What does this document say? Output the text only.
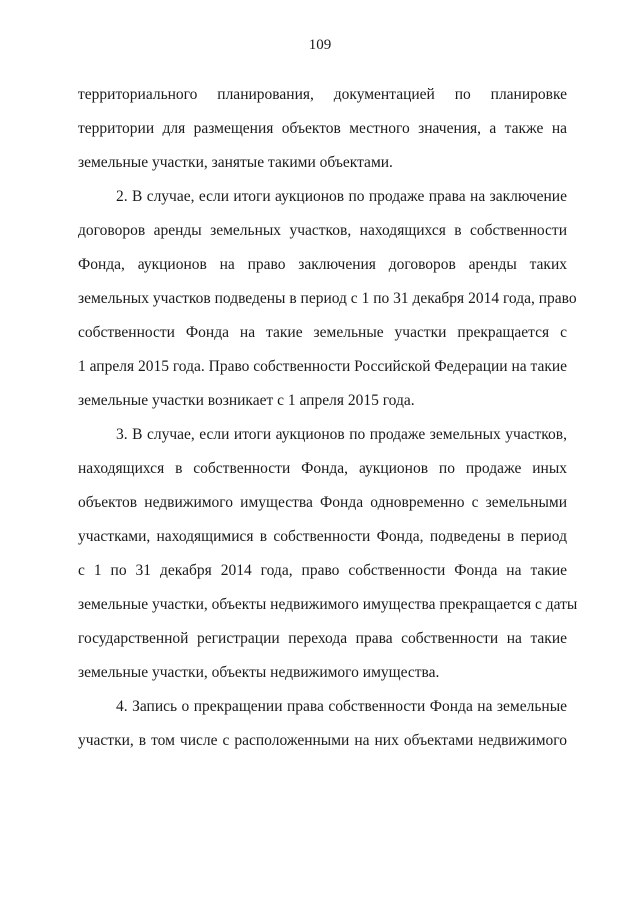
109
территориального планирования, документацией по планировке
территории для размещения объектов местного значения, а также на
земельные участки, занятые такими объектами.
2. В случае, если итоги аукционов по продаже права на заключение
договоров аренды земельных участков, находящихся в собственности
Фонда, аукционов на право заключения договоров аренды таких
земельных участков подведены в период с 1 по 31 декабря 2014 года, право
собственности Фонда на такие земельные участки прекращается с
1 апреля 2015 года. Право собственности Российской Федерации на такие
земельные участки возникает с 1 апреля 2015 года.
3. В случае, если итоги аукционов по продаже земельных участков,
находящихся в собственности Фонда, аукционов по продаже иных
объектов недвижимого имущества Фонда одновременно с земельными
участками, находящимися в собственности Фонда, подведены в период
с 1 по 31 декабря 2014 года, право собственности Фонда на такие
земельные участки, объекты недвижимого имущества прекращается с даты
государственной регистрации перехода права собственности на такие
земельные участки, объекты недвижимого имущества.
4. Запись о прекращении права собственности Фонда на земельные
участки, в том числе с расположенными на них объектами недвижимого
